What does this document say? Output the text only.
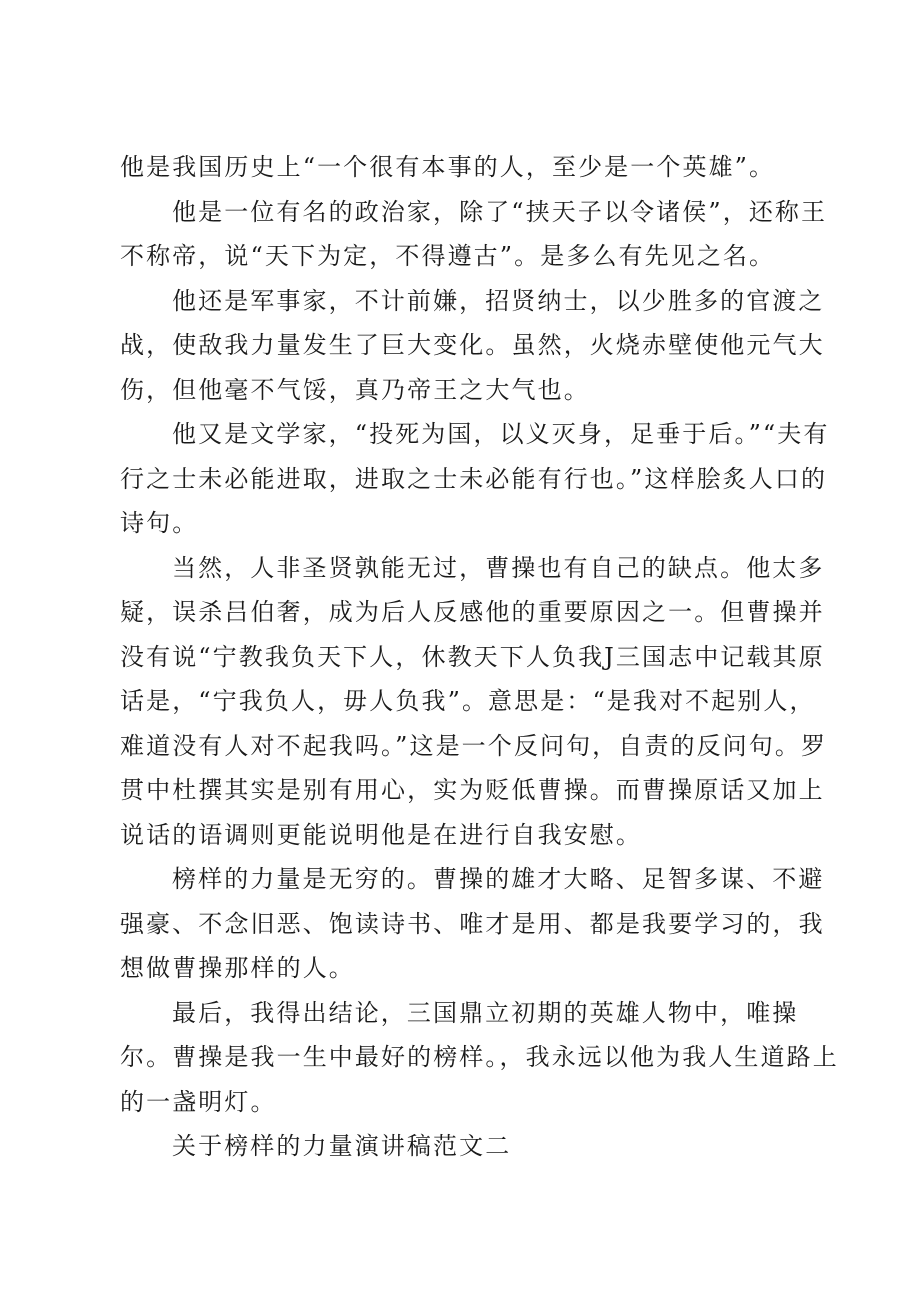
他是我国历史上“一个很有本事的人，至少是一个英雄”。

他是一位有名的政治家，除了“挟天子以令诸侯”，还称王不称帝，说“天下为定，不得遵古”。是多么有先见之名。

他还是军事家，不计前嫌，招贤纳士，以少胜多的官渡之战，使敌我力量发生了巨大变化。虽然，火烧赤壁使他元气大伤，但他毫不气馁，真乃帝王之大气也。

他又是文学家，“投死为国，以义灭身，足垂于后。”“夫有行之士未必能进取，进取之士未必能有行也。”这样脍炙人口的诗句。

当然，人非圣贤孰能无过，曹操也有自己的缺点。他太多疑，误杀吕伯奢，成为后人反感他的重要原因之一。但曹操并没有说“宁教我负天下人，休教天下人负我J三国志中记载其原话是，“宁我负人，毋人负我”。意思是：“是我对不起别人，难道没有人对不起我吗。”这是一个反问句，自责的反问句。罗贯中杜撰其实是别有用心，实为贬低曹操。而曹操原话又加上说话的语调则更能说明他是在进行自我安慰。

榜样的力量是无穷的。曹操的雄才大略、足智多谋、不避强豪、不念旧恶、饱读诗书、唯才是用、都是我要学习的，我想做曹操那样的人。

最后，我得出结论，三国鼎立初期的英雄人物中，唯操尔。曹操是我一生中最好的榜样。，我永远以他为我人生道路上的一盏明灯。

关于榜样的力量演讲稿范文二
